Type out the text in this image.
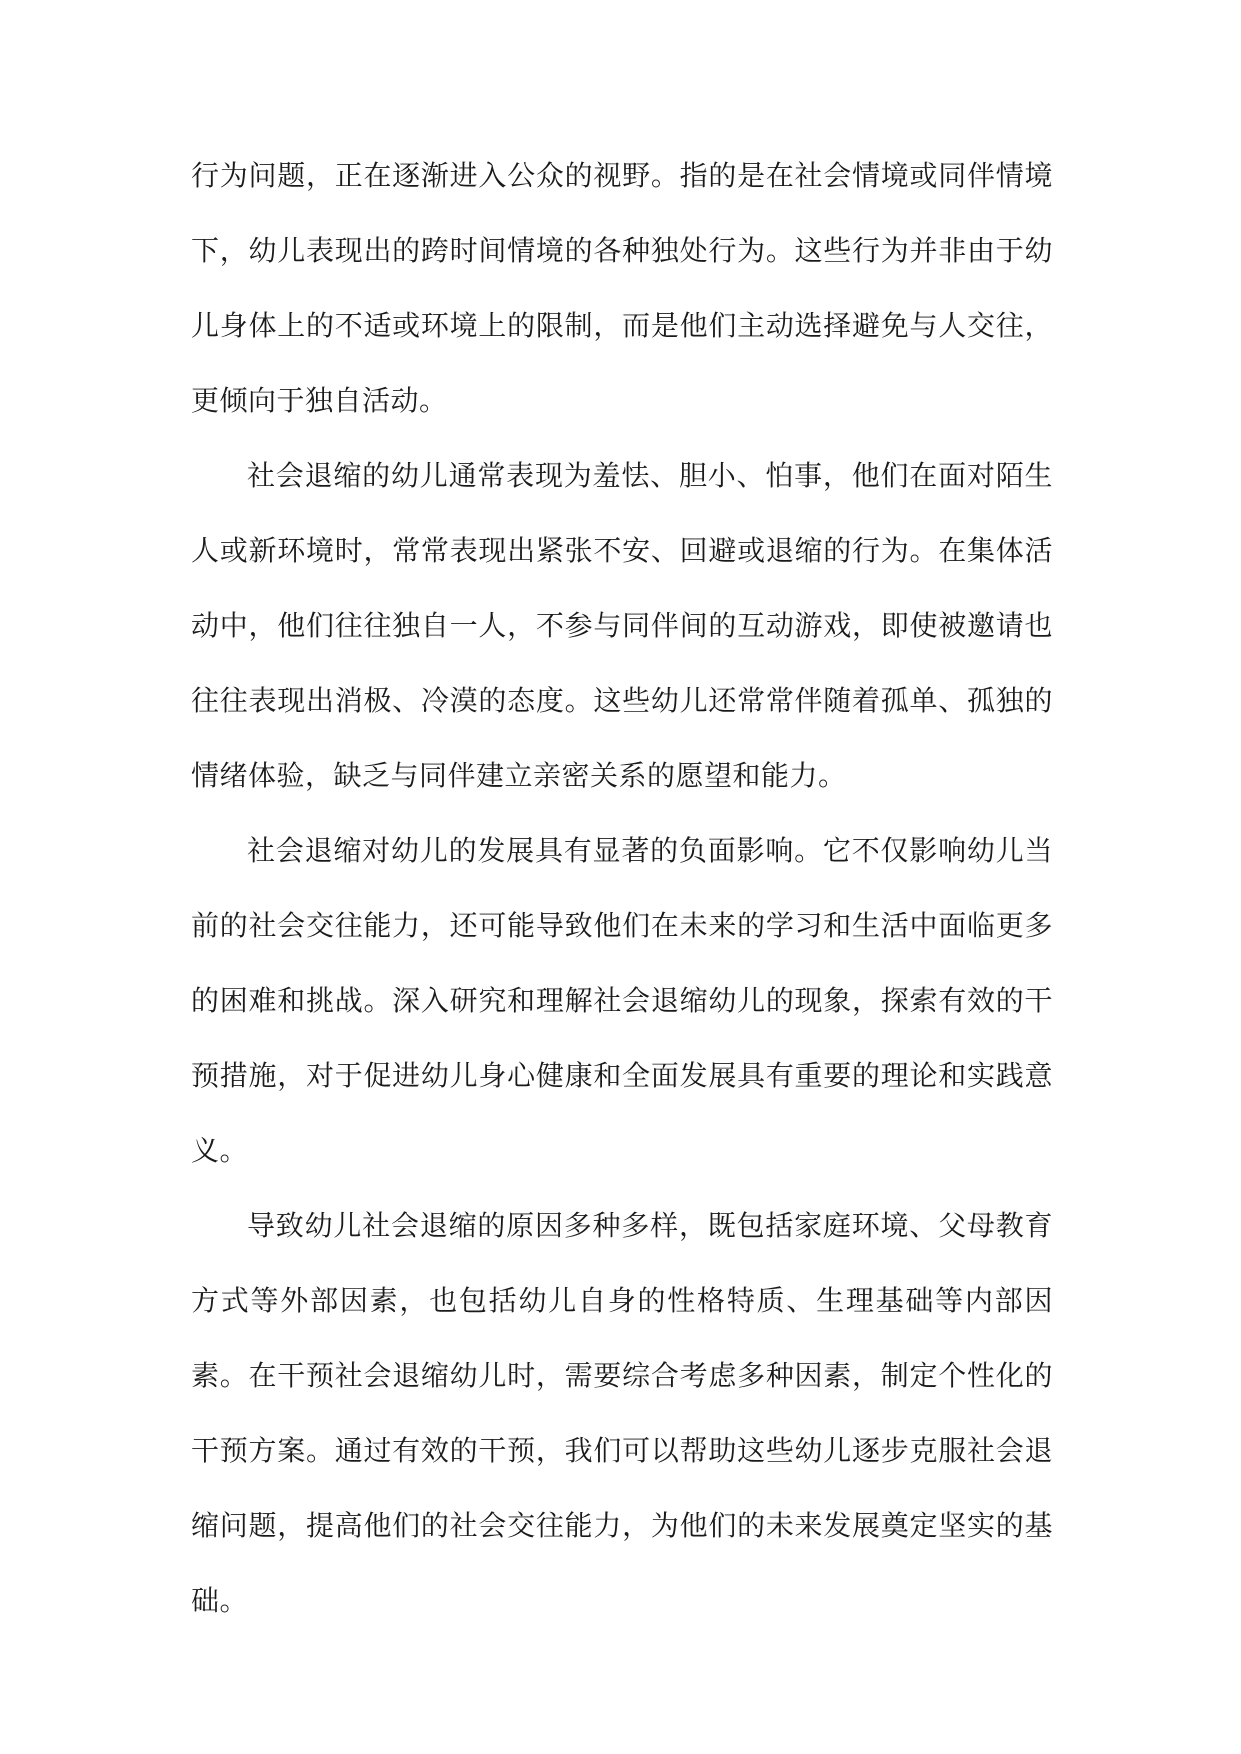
行为问题，正在逐渐进入公众的视野。指的是在社会情境或同伴情境下，幼儿表现出的跨时间情境的各种独处行为。这些行为并非由于幼儿身体上的不适或环境上的限制，而是他们主动选择避免与人交往，更倾向于独自活动。

社会退缩的幼儿通常表现为羞怯、胆小、怕事，他们在面对陌生人或新环境时，常常表现出紧张不安、回避或退缩的行为。在集体活动中，他们往往独自一人，不参与同伴间的互动游戏，即使被邀请也往往表现出消极、冷漠的态度。这些幼儿还常常伴随着孤单、孤独的情绪体验，缺乏与同伴建立亲密关系的愿望和能力。

社会退缩对幼儿的发展具有显著的负面影响。它不仅影响幼儿当前的社会交往能力，还可能导致他们在未来的学习和生活中面临更多的困难和挑战。深入研究和理解社会退缩幼儿的现象，探索有效的干预措施，对于促进幼儿身心健康和全面发展具有重要的理论和实践意义。

导致幼儿社会退缩的原因多种多样，既包括家庭环境、父母教育方式等外部因素，也包括幼儿自身的性格特质、生理基础等内部因素。在干预社会退缩幼儿时，需要综合考虑多种因素，制定个性化的干预方案。通过有效的干预，我们可以帮助这些幼儿逐步克服社会退缩问题，提高他们的社会交往能力，为他们的未来发展奠定坚实的基础。
